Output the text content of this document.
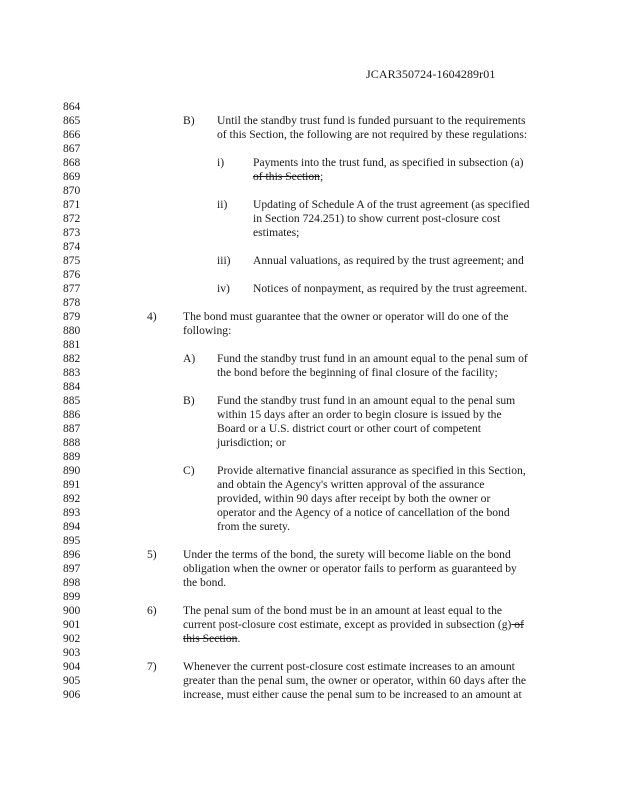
JCAR350724-1604289r01
864
865
866
867
868
869
870
871
872
873
874
875
876
877
878
879
880
881
882
883
884
885
886
887
888
889
890
891
892
893
894
895
896
897
898
899
900
901
902
903
904
905
906
B) Until the standby trust fund is funded pursuant to the requirements
of this Section, the following are not required by these regulations:
i) Payments into the trust fund, as specified in subsection (a)
of this Section;
ii) Updating of Schedule A of the trust agreement (as specified
in Section 724.251) to show current post-closure cost
estimates;
iii) Annual valuations, as required by the trust agreement; and
iv) Notices of nonpayment, as required by the trust agreement.
4) The bond must guarantee that the owner or operator will do one of the
following:
A) Fund the standby trust fund in an amount equal to the penal sum of
the bond before the beginning of final closure of the facility;
B) Fund the standby trust fund in an amount equal to the penal sum
within 15 days after an order to begin closure is issued by the
Board or a U.S. district court or other court of competent
jurisdiction; or
C) Provide alternative financial assurance as specified in this Section,
and obtain the Agency's written approval of the assurance
provided, within 90 days after receipt by both the owner or
operator and the Agency of a notice of cancellation of the bond
from the surety.
5) Under the terms of the bond, the surety will become liable on the bond
obligation when the owner or operator fails to perform as guaranteed by
the bond.
6) The penal sum of the bond must be in an amount at least equal to the
current post-closure cost estimate, except as provided in subsection (g) of
this Section.
7) Whenever the current post-closure cost estimate increases to an amount
greater than the penal sum, the owner or operator, within 60 days after the
increase, must either cause the penal sum to be increased to an amount at
